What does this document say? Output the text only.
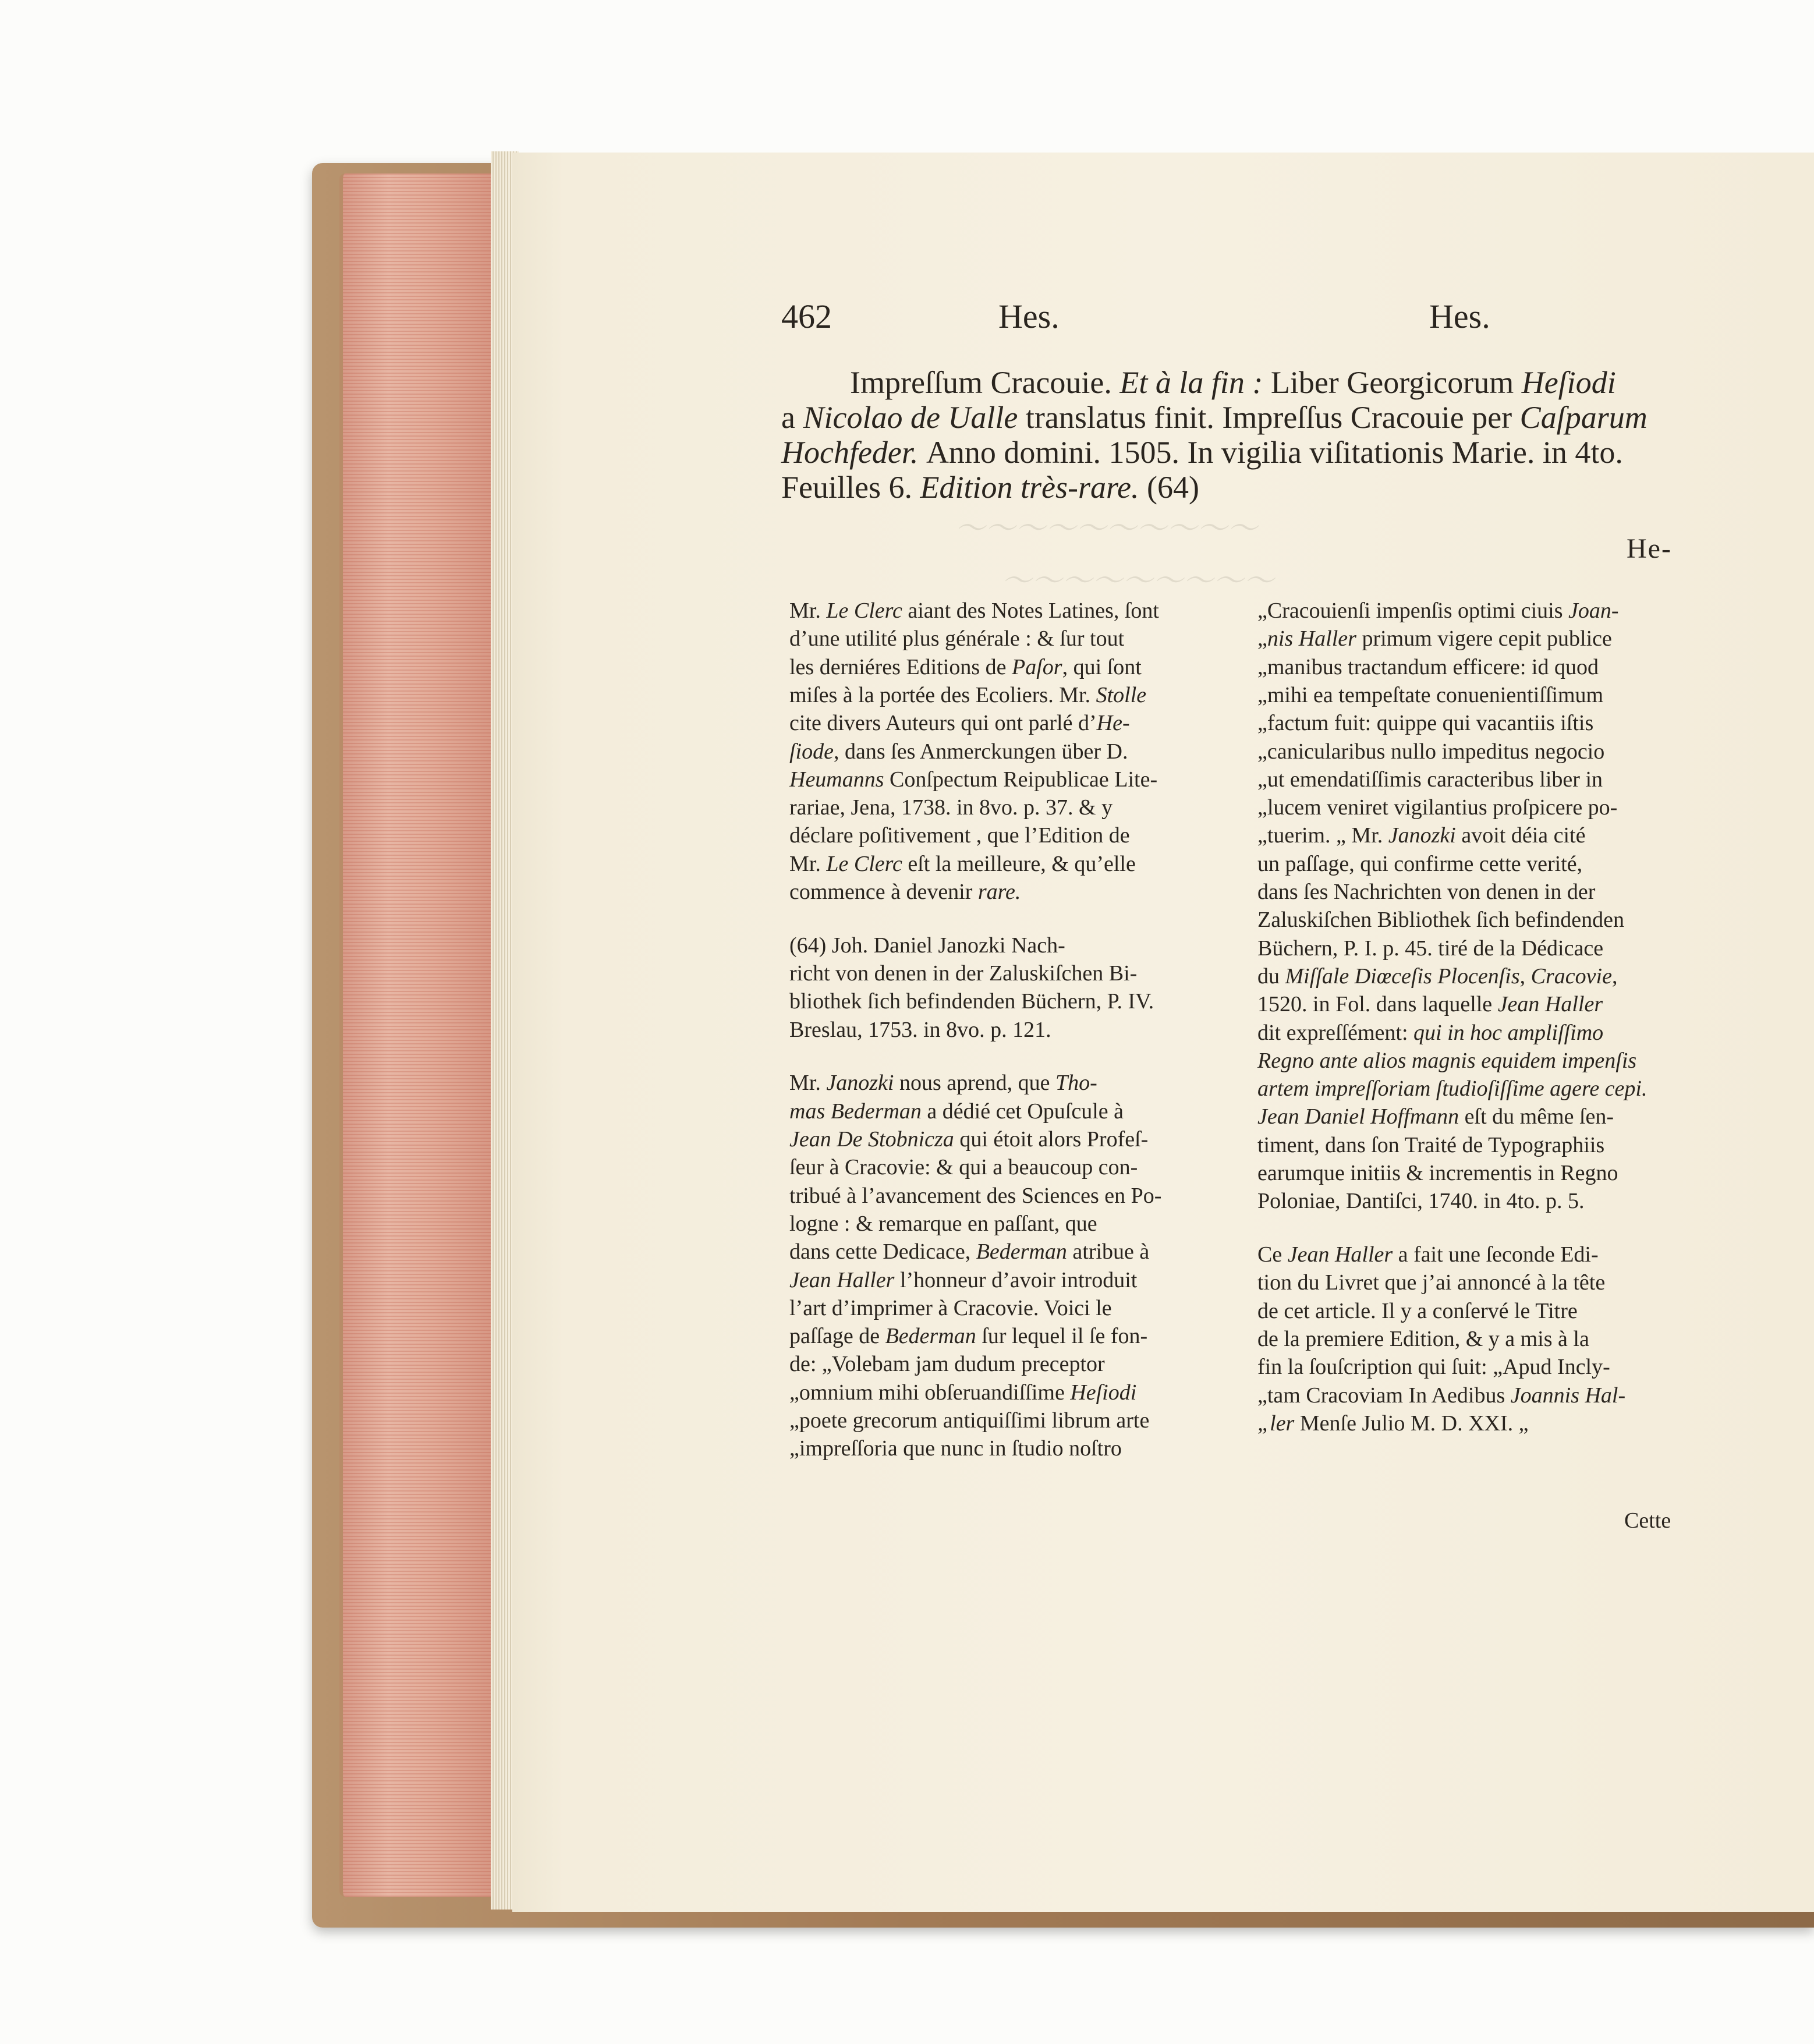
～～～～～～～～～～
～～～～～～～～～
462	Hes.	Hes.
Impreſſum Cracouie. Et à la fin : Liber Georgicorum Heſiodi
a Nicolao de Ualle translatus finit. Impreſſus Cracouie per Caſparum
Hochfeder. Anno domini. 1505. In vigilia viſitationis Marie. in 4to.
Feuilles 6. Edition très-rare. (64)
He-
Mr. Le Clerc aiant des Notes Latines, ſont
d’une utilité plus générale : & ſur tout
les derniéres Editions de Paſor, qui ſont
miſes à la portée des Ecoliers. Mr. Stolle
cite divers Auteurs qui ont parlé d’He-
ſiode, dans ſes Anmerckungen über D.
Heumanns Conſpectum Reipublicae Lite-
rariae, Jena, 1738. in 8vo. p. 37. & y
déclare poſitivement , que l’Edition de
Mr. Le Clerc eſt la meilleure, & qu’elle
commence à devenir rare.
(64) Joh. Daniel Janozki Nach-
richt von denen in der Zaluskiſchen Bi-
bliothek ſich befindenden Büchern, P. IV.
Breslau, 1753. in 8vo. p. 121.
Mr. Janozki nous aprend, que Tho-
mas Bederman a dédié cet Opuſcule à
Jean De Stobnicza qui étoit alors Profeſ-
ſeur à Cracovie: & qui a beaucoup con-
tribué à l’avancement des Sciences en Po-
logne : & remarque en paſſant, que
dans cette Dedicace, Bederman atribue à
Jean Haller l’honneur d’avoir introduit
l’art d’imprimer à Cracovie. Voici le
paſſage de Bederman ſur lequel il ſe fon-
de: „Volebam jam dudum preceptor
„omnium mihi obſeruandiſſime Heſiodi
„poete grecorum antiquiſſimi librum arte
„impreſſoria que nunc in ſtudio noſtro
„Cracouienſi impenſis optimi ciuis Joan-
„nis Haller primum vigere cepit publice
„manibus tractandum efficere: id quod
„mihi ea tempeſtate conuenientiſſimum
„factum fuit: quippe qui vacantiis iſtis
„canicularibus nullo impeditus negocio
„ut emendatiſſimis caracteribus liber in
„lucem veniret vigilantius proſpicere po-
„tuerim. „ Mr. Janozki avoit déia cité
un paſſage, qui confirme cette verité,
dans ſes Nachrichten von denen in der
Zaluskiſchen Bibliothek ſich befindenden
Büchern, P. I. p. 45. tiré de la Dédicace
du Miſſale Diœceſis Plocenſis, Cracovie,
1520. in Fol. dans laquelle Jean Haller
dit expreſſément: qui in hoc ampliſſimo
Regno ante alios magnis equidem impenſis
artem impreſſoriam ſtudioſiſſime agere cepi.
Jean Daniel Hoffmann eſt du même ſen-
timent, dans ſon Traité de Typographiis
earumque initiis & incrementis in Regno
Poloniae, Dantiſci, 1740. in 4to. p. 5.
Ce Jean Haller a fait une ſeconde Edi-
tion du Livret que j’ai annoncé à la tête
de cet article. Il y a conſervé le Titre
de la premiere Edition, & y a mis à la
fin la ſouſcription qui ſuit: „Apud Incly-
„tam Cracoviam In Aedibus Joannis Hal-
„ler Menſe Julio M. D. XXI. „
Cette
